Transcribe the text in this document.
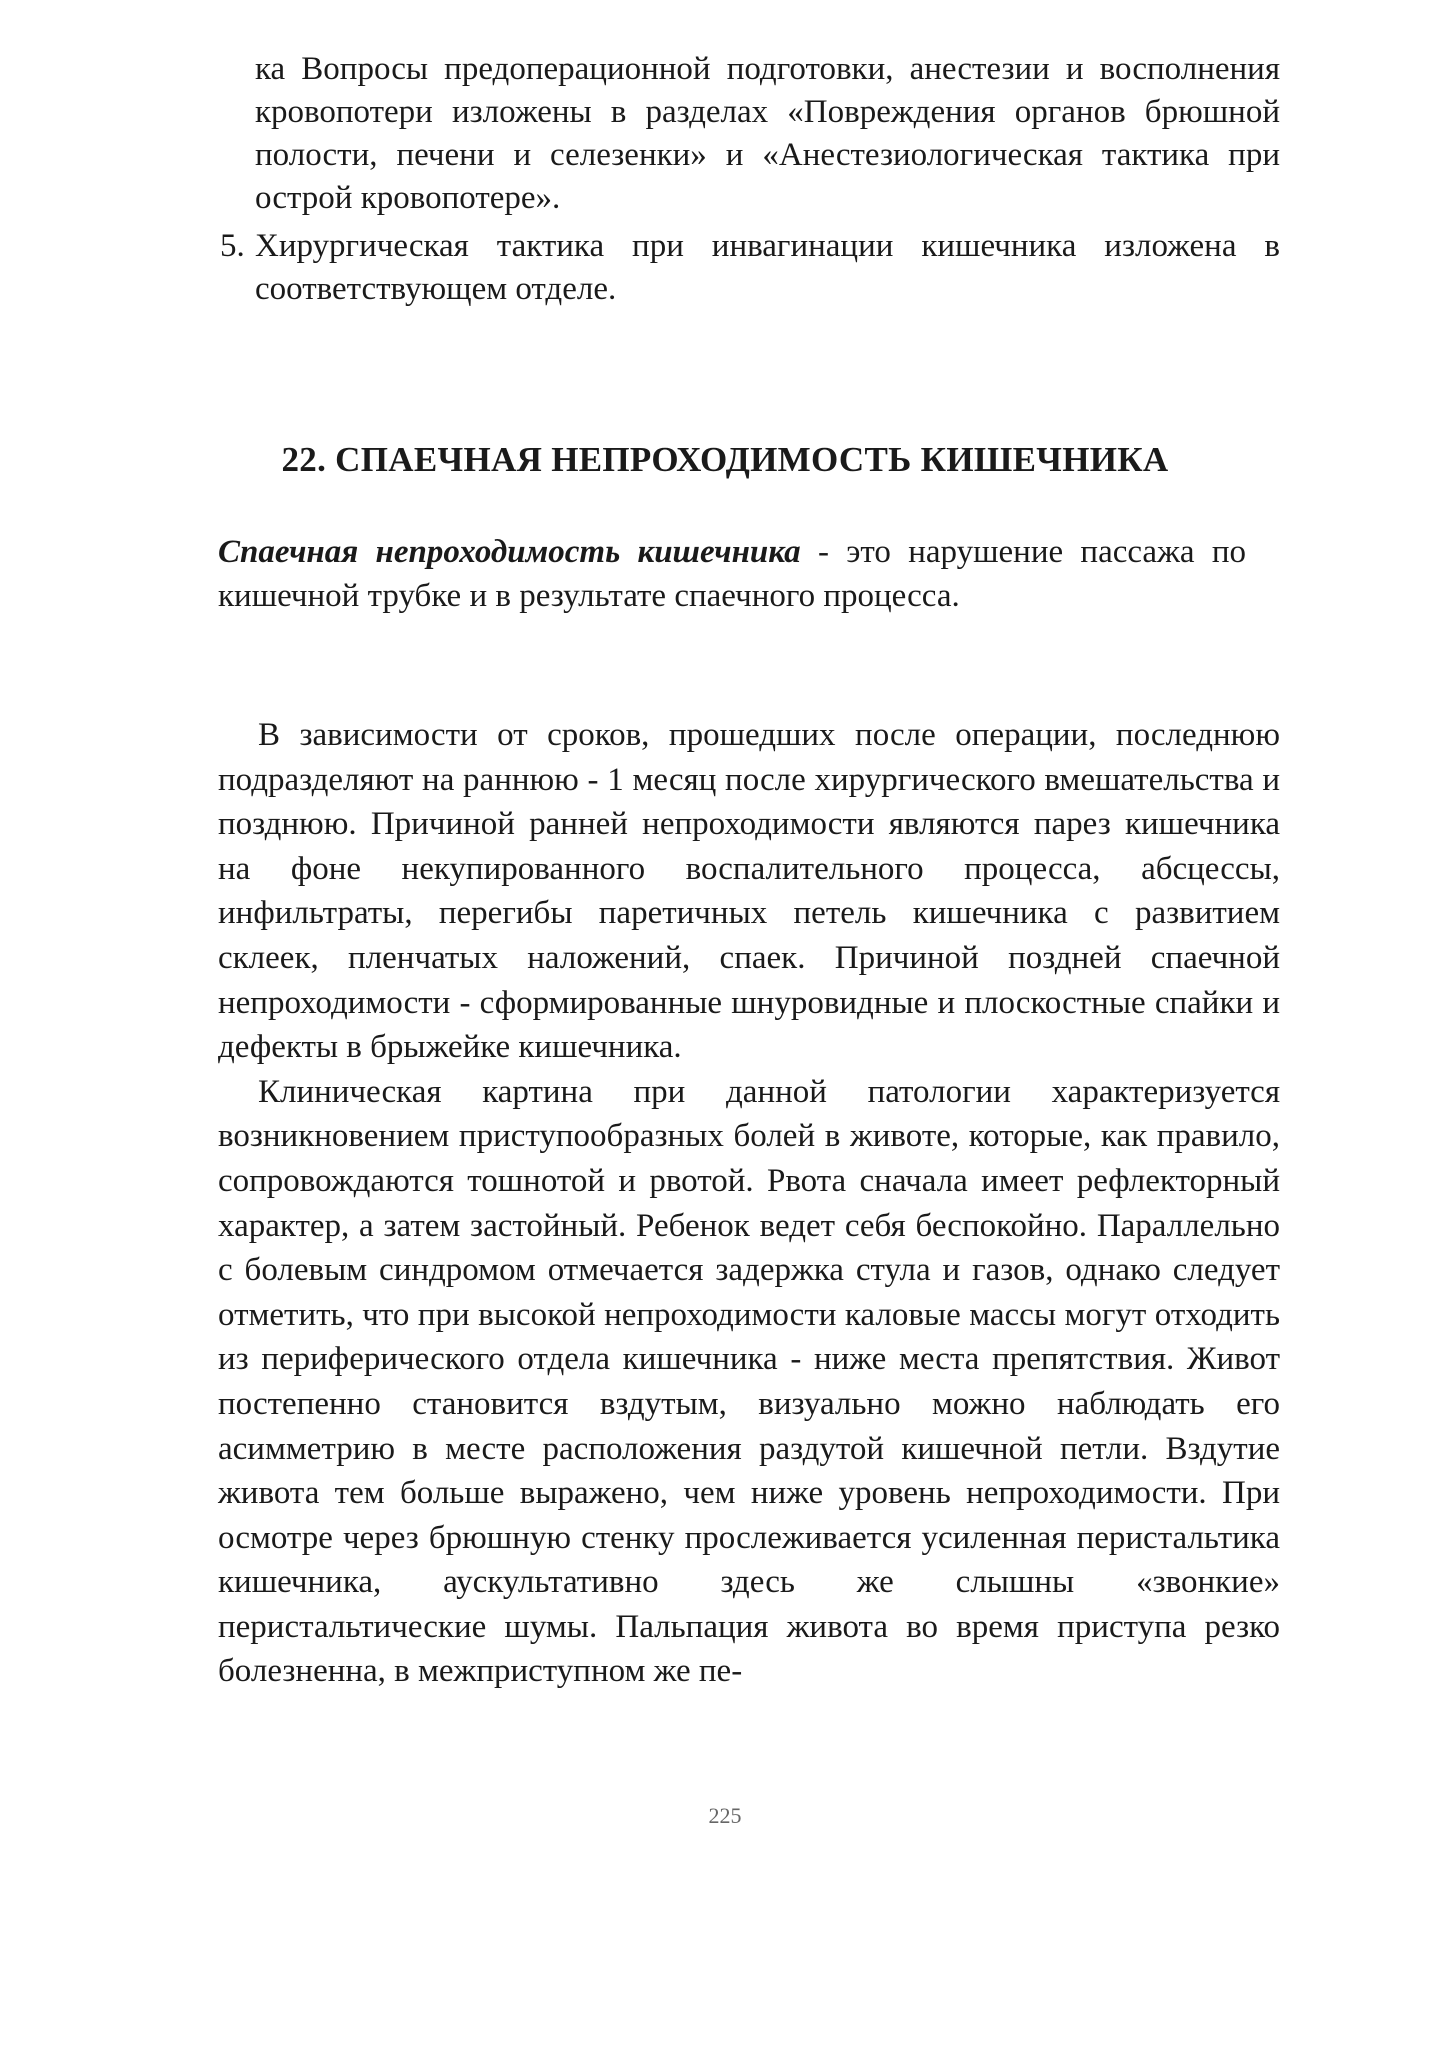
ка Вопросы предоперационной подготовки, анестезии и восполнения кровопотери изложены в разделах «Повреждения органов брюшной полости, печени и селезенки» и «Анестезиологическая тактика при острой кровопотере».
5. Хирургическая тактика при инвагинации кишечника изложена в соответствующем отделе.
22. СПАЕЧНАЯ НЕПРОХОДИМОСТЬ КИШЕЧНИКА
Спаечная непроходимость кишечника - это нарушение пассажа по кишечной трубке и в результате спаечного процесса.

В зависимости от сроков, прошедших после операции, последнюю подразделяют на раннюю - 1 месяц после хирургического вмешательства и позднюю. Причиной ранней непроходимости являются парез кишечника на фоне некупированного воспалительного процесса, абсцессы, инфильтраты, перегибы паретичных петель кишечника с развитием склеек, пленчатых наложений, спаек. Причиной поздней спаечной непроходимости - сформированные шнуровидные и плоскостные спайки и дефекты в брыжейке кишечника.

Клиническая картина при данной патологии характеризуется возникновением приступообразных болей в животе, которые, как правило, сопровождаются тошнотой и рвотой. Рвота сначала имеет рефлекторный характер, а затем застойный. Ребенок ведет себя беспокойно. Параллельно с болевым синдромом отмечается задержка стула и газов, однако следует отметить, что при высокой непроходимости каловые массы могут отходить из периферического отдела кишечника - ниже места препятствия. Живот постепенно становится вздутым, визуально можно наблюдать его асимметрию в месте расположения раздутой кишечной петли. Вздутие живота тем больше выражено, чем ниже уровень непроходимости. При осмотре через брюшную стенку прослеживается усиленная перистальтика кишечника, аускультативно здесь же слышны «звонкие» перистальтические шумы. Пальпация живота во время приступа резко болезненна, в межприступном же пе-

225
